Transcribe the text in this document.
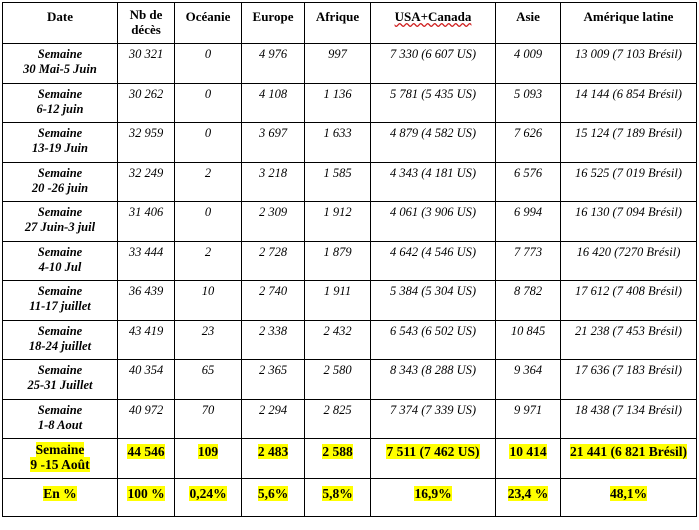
Date	Nb de décès	Océanie	Europe	Afrique	USA+Canada	Asie	Amérique latine

Semaine
30 Mai-5 Juin	30 321	0	4 976	997	7 330 (6 607 US)	4 009	13 009 (7 103 Brésil)

Semaine
6-12 juin	30 262	0	4 108	1 136	5 781 (5 435 US)	5 093	14 144 (6 854 Brésil)

Semaine
13-19 Juin	32 959	0	3 697	1 633	4 879 (4 582 US)	7 626	15 124 (7 189 Brésil)

Semaine
20 -26 juin	32 249	2	3 218	1 585	4 343 (4 181 US)	6 576	16 525 (7 019 Brésil)

Semaine
27 Juin-3 juil	31 406	0	2 309	1 912	4 061 (3 906 US)	6 994	16 130 (7 094 Brésil)

Semaine
4-10 Jul	33 444	2	2 728	1 879	4 642 (4 546 US)	7 773	16 420 (7270 Brésil)

Semaine
11-17 juillet	36 439	10	2 740	1 911	5 384 (5 304 US)	8 782	17 612 (7 408 Brésil)

Semaine
18-24 juillet	43 419	23	2 338	2 432	6 543 (6 502 US)	10 845	21 238 (7 453 Brésil)

Semaine
25-31 Juillet	40 354	65	2 365	2 580	8 343 (8 288 US)	9 364	17 636 (7 183 Brésil)

Semaine
1-8 Aout	40 972	70	2 294	2 825	7 374 (7 339 US)	9 971	18 438 (7 134 Brésil)

Semaine
9 -15 Août	44 546	109	2 483	2 588	7 511 (7 462 US)	10 414	21 441 (6 821 Brésil)
En %	100 %	0,24%	5,6%	5,8%	16,9%	23,4 %	48,1%
